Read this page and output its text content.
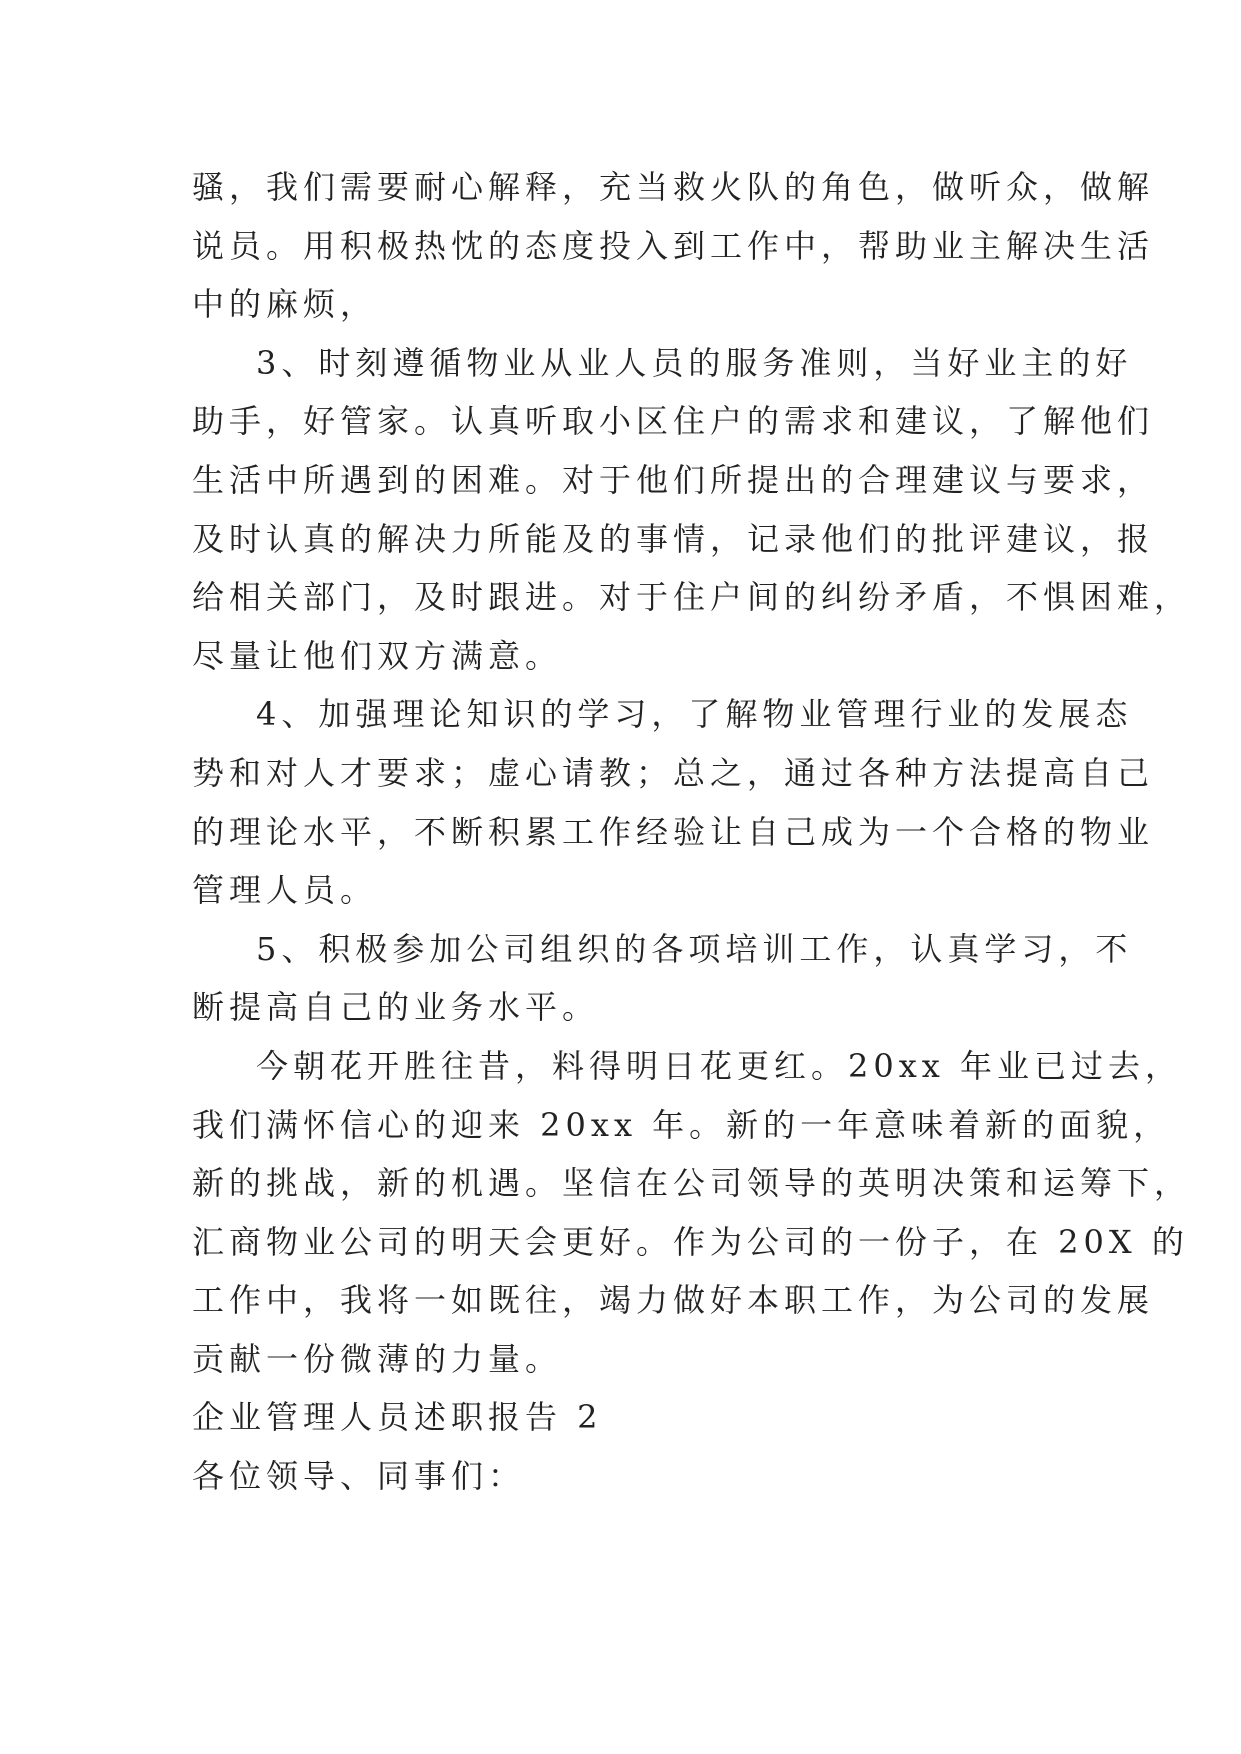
骚，我们需要耐心解释，充当救火队的角色，做听众，做解
说员。用积极热忱的态度投入到工作中，帮助业主解决生活
中的麻烦，
3、时刻遵循物业从业人员的服务准则，当好业主的好
助手，好管家。认真听取小区住户的需求和建议，了解他们
生活中所遇到的困难。对于他们所提出的合理建议与要求，
及时认真的解决力所能及的事情，记录他们的批评建议，报
给相关部门，及时跟进。对于住户间的纠纷矛盾，不惧困难，
尽量让他们双方满意。
4、加强理论知识的学习，了解物业管理行业的发展态
势和对人才要求；虚心请教；总之，通过各种方法提高自己
的理论水平，不断积累工作经验让自己成为一个合格的物业
管理人员。
5、积极参加公司组织的各项培训工作，认真学习，不
断提高自己的业务水平。
今朝花开胜往昔，料得明日花更红。20xx 年业已过去，
我们满怀信心的迎来 20xx 年。新的一年意味着新的面貌，
新的挑战，新的机遇。坚信在公司领导的英明决策和运筹下，
汇商物业公司的明天会更好。作为公司的一份子，在 20X 的
工作中，我将一如既往，竭力做好本职工作，为公司的发展
贡献一份微薄的力量。
企业管理人员述职报告 2
各位领导、同事们：
